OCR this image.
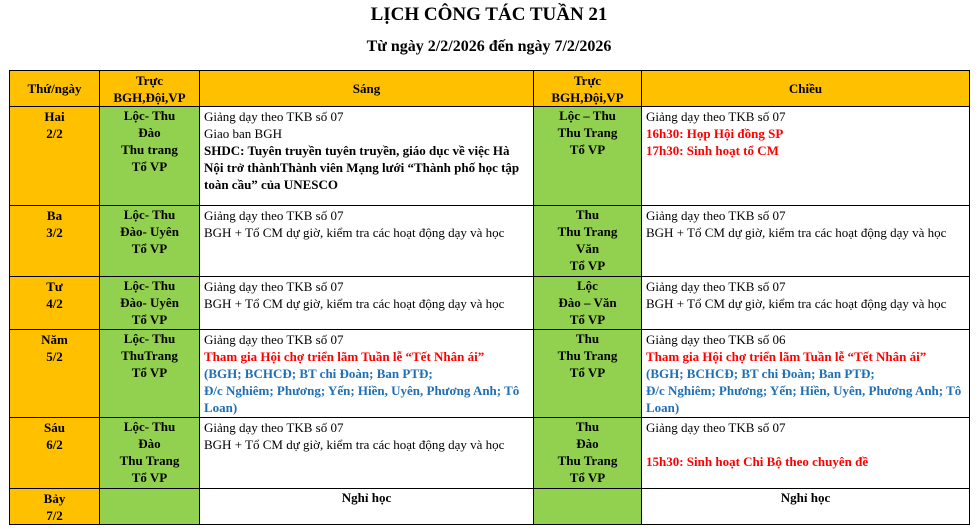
LỊCH CÔNG TÁC TUẦN 21
Từ ngày 2/2/2026 đến ngày 7/2/2026
Thứ/ngày	Trực
BGH,Đội,VP	Sáng	Trực
BGH,Đội,VP	Chiều

Hai
2/2	Lộc- Thu
Đào
Thu trang
Tổ VP	Giảng dạy theo TKB số 07
Giao ban BGH
SHDC: Tuyên truyền tuyên truyền, giáo dục về việc Hà Nội trở thànhThành viên Mạng lưới “Thành phố học tập toàn cầu” của UNESCO	Lộc – Thu
Thu Trang
Tổ VP	Giảng dạy theo TKB số 07
16h30: Họp Hội đồng SP
17h30: Sinh hoạt tổ CM

Ba
3/2	Lộc- Thu
Đào- Uyên
Tổ VP	Giảng dạy theo TKB số 07
BGH + Tổ CM dự giờ, kiểm tra các hoạt động dạy và học	Thu
Thu Trang
Văn
Tổ VP	Giảng dạy theo TKB số 07
BGH + Tổ CM dự giờ, kiểm tra các hoạt động dạy và học

Tư
4/2	Lộc- Thu
Đào- Uyên
Tổ VP	Giảng dạy theo TKB số 07
BGH + Tổ CM dự giờ, kiểm tra các hoạt động dạy và học	Lộc
Đào – Văn
Tổ VP	Giảng dạy theo TKB số 07
BGH + Tổ CM dự giờ, kiểm tra các hoạt động dạy và học

Năm
5/2	Lộc- Thu
ThuTrang
Tổ VP	Giảng dạy theo TKB số 07
Tham gia Hội chợ triển lãm Tuần lễ “Tết Nhân ái”
(BGH; BCHCĐ; BT chi Đoàn; Ban PTĐ;
Đ/c Nghiêm; Phương; Yến; Hiền, Uyên, Phương Anh; Tô Loan)	Thu
Thu Trang
Tổ VP	Giảng dạy theo TKB số 06
Tham gia Hội chợ triển lãm Tuần lễ “Tết Nhân ái”
(BGH; BCHCĐ; BT chi Đoàn; Ban PTĐ;
Đ/c Nghiêm; Phương; Yến; Hiền, Uyên, Phương Anh; Tô Loan)

Sáu
6/2	Lộc- Thu
Đào
Thu Trang
Tổ VP	Giảng dạy theo TKB số 07
BGH + Tổ CM dự giờ, kiểm tra các hoạt động dạy và học	Thu
Đào
Thu Trang
Tổ VP	Giảng dạy theo TKB số 07
15h30: Sinh hoạt Chi Bộ theo chuyên đề

Bảy
7/2		Nghỉ học		Nghỉ học
